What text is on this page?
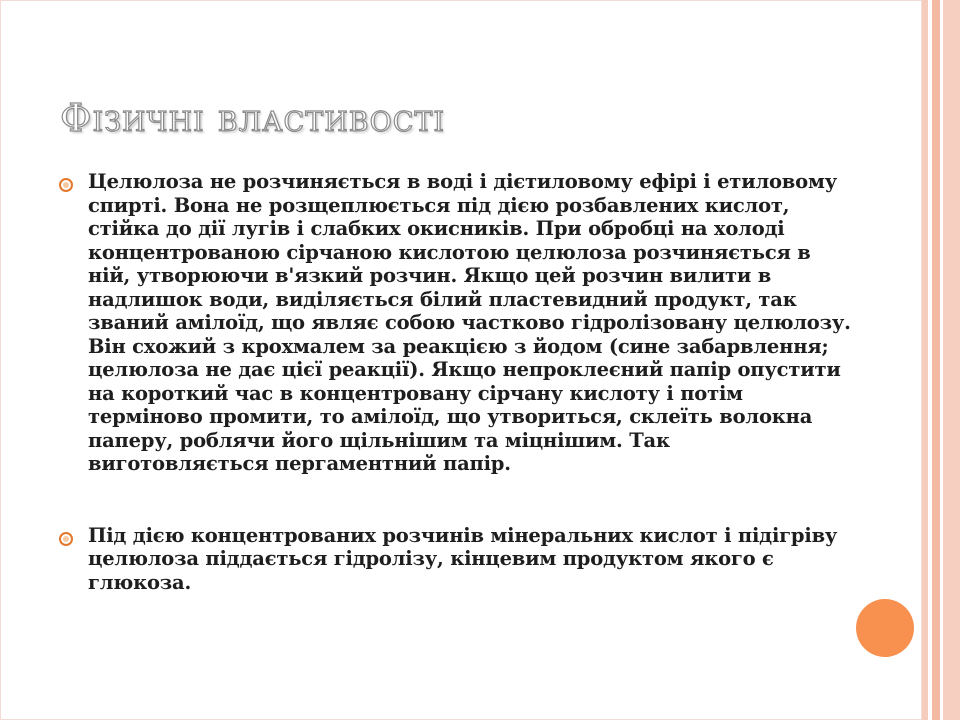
Фізичні властивості
Целюлоза не розчиняється в воді і дієтиловому ефірі і етиловому спирті. Вона не розщеплюється під дією розбавлених кислот, стійка до дії лугів і слабких окисників. При обробці на холоді концентрованою сірчаною кислотою целюлоза розчиняється в ній, утворюючи в'язкий розчин. Якщо цей розчин вилити в надлишок води, виділяється білий пластевидний продукт, так званий амілоїд, що являє собою частково гідролізовану целюлозу. Він схожий з крохмалем за реакцією з йодом (сине забарвлення; целюлоза не дає цієї реакції). Якщо непроклеєний папір опустити на короткий час в концентровану сірчану кислоту і потім терміново промити, то амілоїд, що утвориться, склеїть волокна паперу, роблячи його щільнішим та міцнішим. Так виготовляється пергаментний папір.
Під дією концентрованих розчинів мінеральних кислот і підігріву целюлоза піддається гідролізу, кінцевим продуктом якого є глюкоза.
